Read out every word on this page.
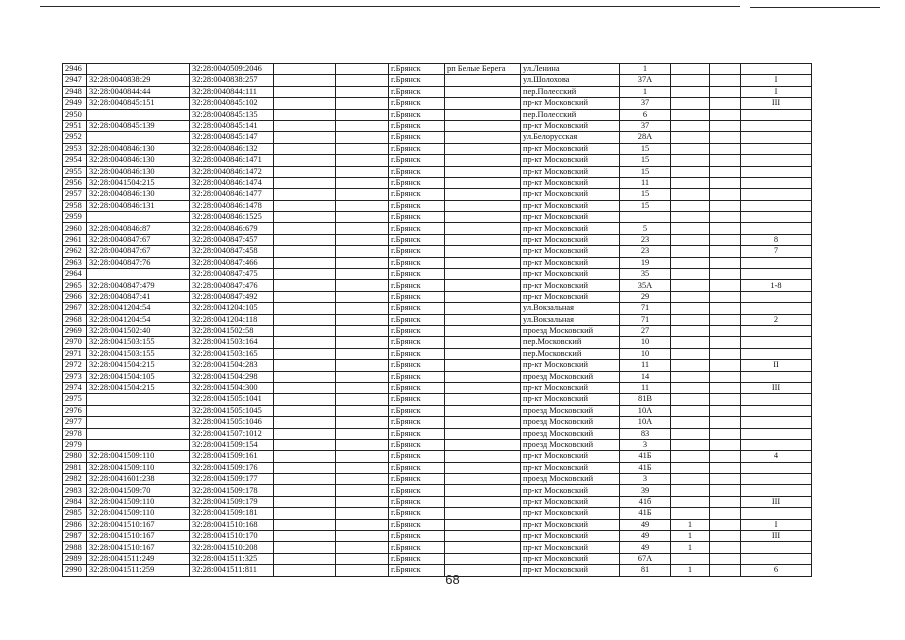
2946		32:28:0040509:2046			г.Брянск	рп Белые Берега	ул.Ленина	1			
2947	32:28:0040838:29	32:28:0040838:257			г.Брянск		ул.Шолохова	37А			I
2948	32:28:0040844:44	32:28:0040844:111			г.Брянск		пер.Полесский	1			I
2949	32:28:0040845:151	32:28:0040845:102			г.Брянск		пр-кт Московский	37			III
2950		32:28:0040845:135			г.Брянск		пер.Полесский	6			
2951	32:28:0040845:139	32:28:0040845:141			г.Брянск		пр-кт Московский	37			
2952		32:28:0040845:147			г.Брянск		ул.Белорусская	28А			
2953	32:28:0040846:130	32:28:0040846:132			г.Брянск		пр-кт Московский	15			
2954	32:28:0040846:130	32:28:0040846:1471			г.Брянск		пр-кт Московский	15			
2955	32:28:0040846:130	32:28:0040846:1472			г.Брянск		пр-кт Московский	15			
2956	32:28:0041504:215	32:28:0040846:1474			г.Брянск		пр-кт Московский	11			
2957	32:28:0040846:130	32:28:0040846:1477			г.Брянск		пр-кт Московский	15			
2958	32:28:0040846:131	32:28:0040846:1478			г.Брянск		пр-кт Московский	15			
2959		32:28:0040846:1525			г.Брянск		пр-кт Московский				
2960	32:28:0040846:87	32:28:0040846:679			г.Брянск		пр-кт Московский	5			
2961	32:28:0040847:67	32:28:0040847:457			г.Брянск		пр-кт Московский	23			8
2962	32:28:0040847:67	32:28:0040847:458			г.Брянск		пр-кт Московский	23			7
2963	32:28:0040847:76	32:28:0040847:466			г.Брянск		пр-кт Московский	19			
2964		32:28:0040847:475			г.Брянск		пр-кт Московский	35			
2965	32:28:0040847:479	32:28:0040847:476			г.Брянск		пр-кт Московский	35А			1-8
2966	32:28:0040847:41	32:28:0040847:492			г.Брянск		пр-кт Московский	29			
2967	32:28:0041204:54	32:28:0041204:105			г.Брянск		ул.Вокзальная	71			
2968	32:28:0041204:54	32:28:0041204:118			г.Брянск		ул.Вокзальная	71			2
2969	32:28:0041502:40	32:28:0041502:58			г.Брянск		проезд Московский	27			
2970	32:28:0041503:155	32:28:0041503:164			г.Брянск		пер.Московский	10			
2971	32:28:0041503:155	32:28:0041503:165			г.Брянск		пер.Московский	10			
2972	32:28:0041504:215	32:28:0041504:283			г.Брянск		пр-кт Московский	11			II
2973	32:28:0041504:105	32:28:0041504:298			г.Брянск		проезд Московский	14			
2974	32:28:0041504:215	32:28:0041504:300			г.Брянск		пр-кт Московский	11			III
2975		32:28:0041505:1041			г.Брянск		пр-кт Московский	81В			
2976		32:28:0041505:1045			г.Брянск		проезд Московский	10А			
2977		32:28:0041505:1046			г.Брянск		проезд Московский	10А			
2978		32:28:0041507:1012			г.Брянск		проезд Московский	83			
2979		32:28:0041509:154			г.Брянск		проезд Московский	3			
2980	32:28:0041509:110	32:28:0041509:161			г.Брянск		пр-кт Московский	41Б			4
2981	32:28:0041509:110	32:28:0041509:176			г.Брянск		пр-кт Московский	41Б			
2982	32:28:0041601:238	32:28:0041509:177			г.Брянск		проезд Московский	3			
2983	32:28:0041509:70	32:28:0041509:178			г.Брянск		пр-кт Московский	39			
2984	32:28:0041509:110	32:28:0041509:179			г.Брянск		пр-кт Московский	41б			III
2985	32:28:0041509:110	32:28:0041509:181			г.Брянск		пр-кт Московский	41Б			
2986	32:28:0041510:167	32:28:0041510:168			г.Брянск		пр-кт Московский	49	1		I
2987	32:28:0041510:167	32:28:0041510:170			г.Брянск		пр-кт Московский	49	1		III
2988	32:28:0041510:167	32:28:0041510:208			г.Брянск		пр-кт Московский	49	1		
2989	32:28:0041511:249	32:28:0041511:325			г.Брянск		пр-кт Московский	67А			
2990	32:28:0041511:259	32:28:0041511:811			г.Брянск		пр-кт Московский	81	1		6
68
